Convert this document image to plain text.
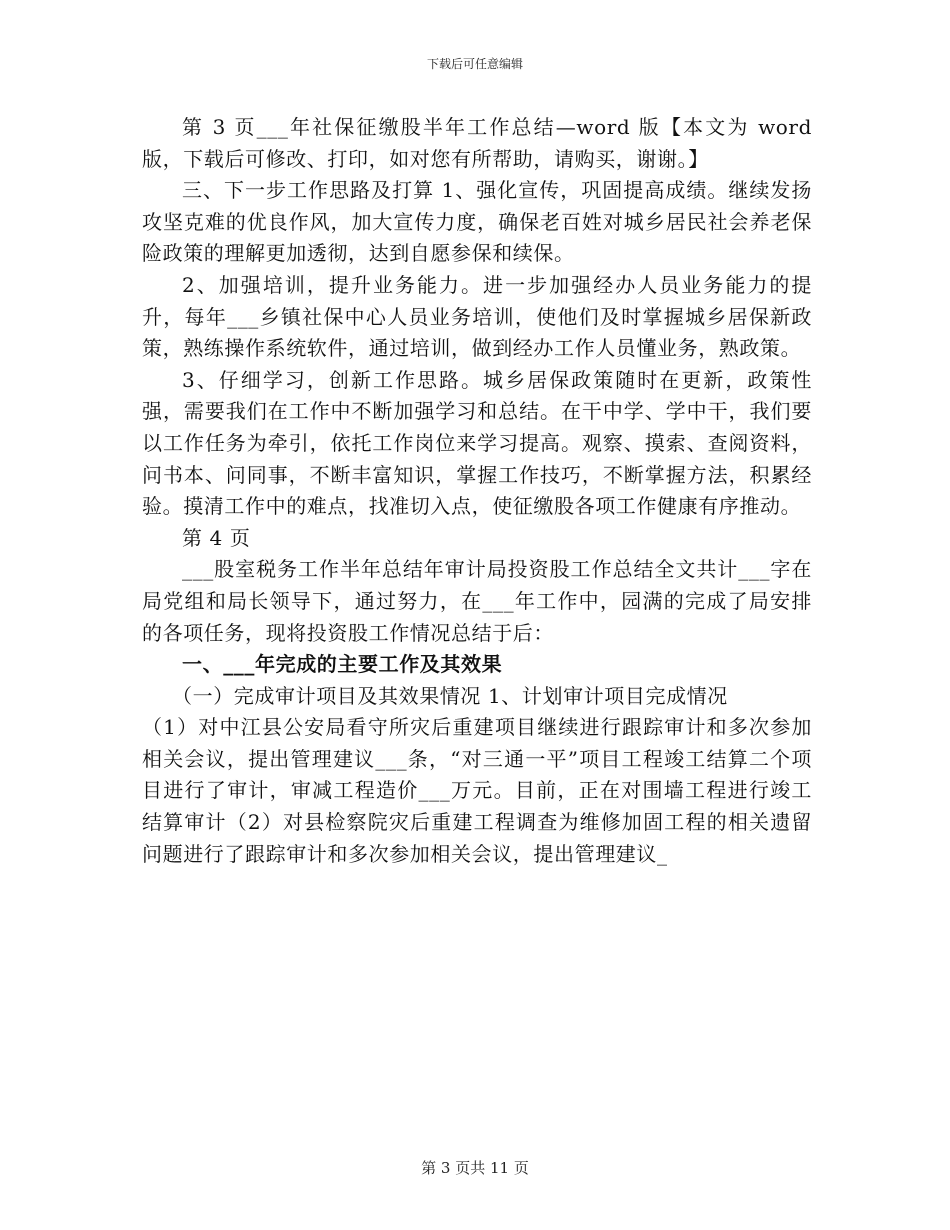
下载后可任意编辑

第 3 页___年社保征缴股半年工作总结—word 版【本文为 word 版，下载后可修改、打印，如对您有所帮助，请购买，谢谢。】

三、下一步工作思路及打算 1、强化宣传，巩固提高成绩。继续发扬攻坚克难的优良作风，加大宣传力度，确保老百姓对城乡居民社会养老保险政策的理解更加透彻，达到自愿参保和续保。

2、加强培训，提升业务能力。进一步加强经办人员业务能力的提升，每年___乡镇社保中心人员业务培训，使他们及时掌握城乡居保新政策，熟练操作系统软件，通过培训，做到经办工作人员懂业务，熟政策。

3、仔细学习，创新工作思路。城乡居保政策随时在更新，政策性强，需要我们在工作中不断加强学习和总结。在干中学、学中干，我们要以工作任务为牵引，依托工作岗位来学习提高。观察、摸索、查阅资料，问书本、问同事，不断丰富知识，掌握工作技巧，不断掌握方法，积累经验。摸清工作中的难点，找准切入点，使征缴股各项工作健康有序推动。

第 4 页

___股室税务工作半年总结年审计局投资股工作总结全文共计___字在局党组和局长领导下，通过努力，在___年工作中，园满的完成了局安排的各项任务，现将投资股工作情况总结于后：

一、___年完成的主要工作及其效果

（一）完成审计项目及其效果情况 1、计划审计项目完成情况

（1）对中江县公安局看守所灾后重建项目继续进行跟踪审计和多次参加相关会议，提出管理建议___条，“对三通一平”项目工程竣工结算二个项目进行了审计，审减工程造价___万元。目前，正在对围墙工程进行竣工结算审计（2）对县检察院灾后重建工程调查为维修加固工程的相关遗留问题进行了跟踪审计和多次参加相关会议，提出管理建议_

第 3 页共 11 页
